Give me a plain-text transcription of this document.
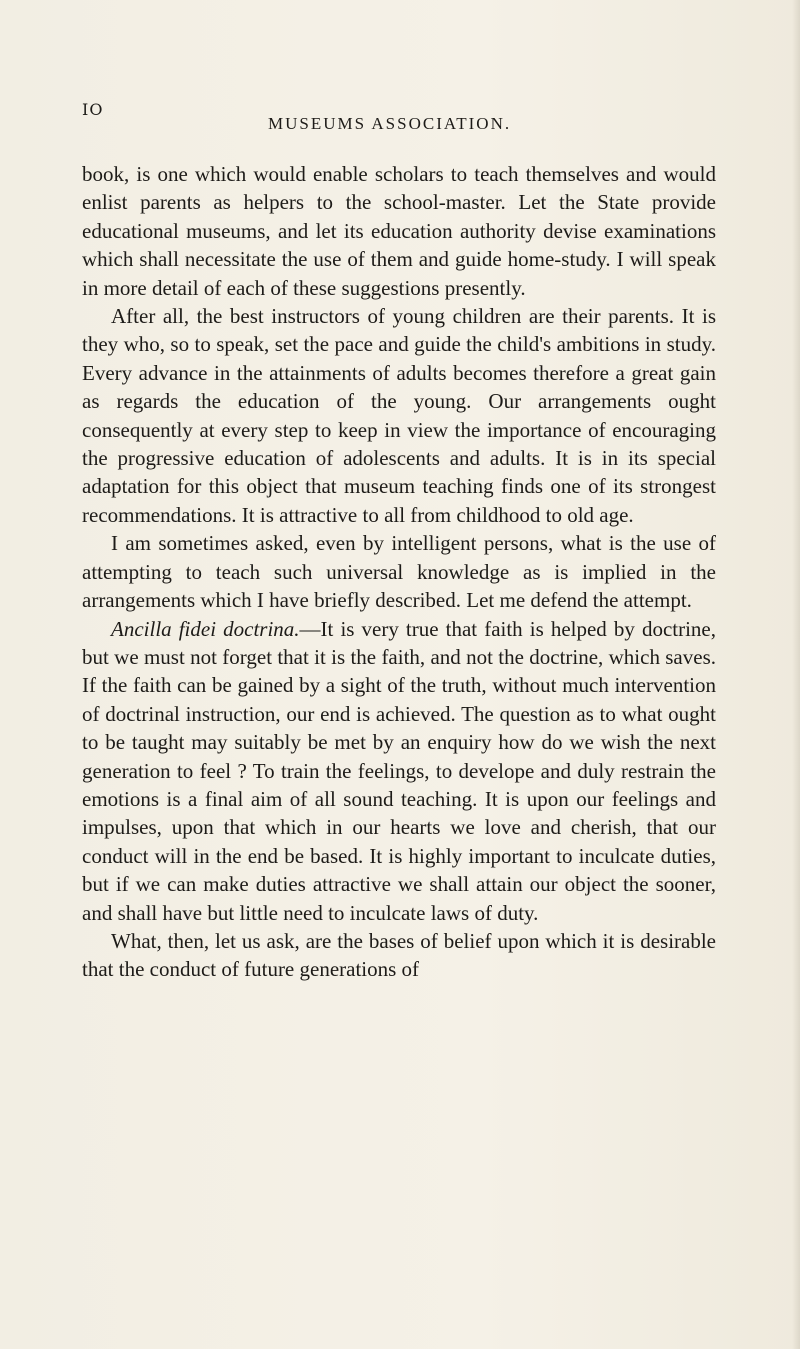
IO
MUSEUMS ASSOCIATION.

book, is one which would enable scholars to teach themselves and would enlist parents as helpers to the school-master. Let the State provide educational museums, and let its education authority devise examinations which shall necessitate the use of them and guide home-study. I will speak in more detail of each of these suggestions presently.

After all, the best instructors of young children are their parents. It is they who, so to speak, set the pace and guide the child's ambitions in study. Every advance in the attainments of adults becomes therefore a great gain as regards the education of the young. Our arrangements ought consequently at every step to keep in view the importance of encouraging the progressive education of adolescents and adults. It is in its special adaptation for this object that museum teaching finds one of its strongest recommendations. It is attractive to all from childhood to old age.

I am sometimes asked, even by intelligent persons, what is the use of attempting to teach such universal knowledge as is implied in the arrangements which I have briefly described. Let me defend the attempt.

Ancilla fidei doctrina.—It is very true that faith is helped by doctrine, but we must not forget that it is the faith, and not the doctrine, which saves. If the faith can be gained by a sight of the truth, without much intervention of doctrinal instruction, our end is achieved. The question as to what ought to be taught may suitably be met by an enquiry how do we wish the next generation to feel ? To train the feelings, to develope and duly restrain the emotions is a final aim of all sound teaching. It is upon our feelings and impulses, upon that which in our hearts we love and cherish, that our conduct will in the end be based. It is highly important to inculcate duties, but if we can make duties attractive we shall attain our object the sooner, and shall have but little need to inculcate laws of duty.

What, then, let us ask, are the bases of belief upon which it is desirable that the conduct of future generations of
